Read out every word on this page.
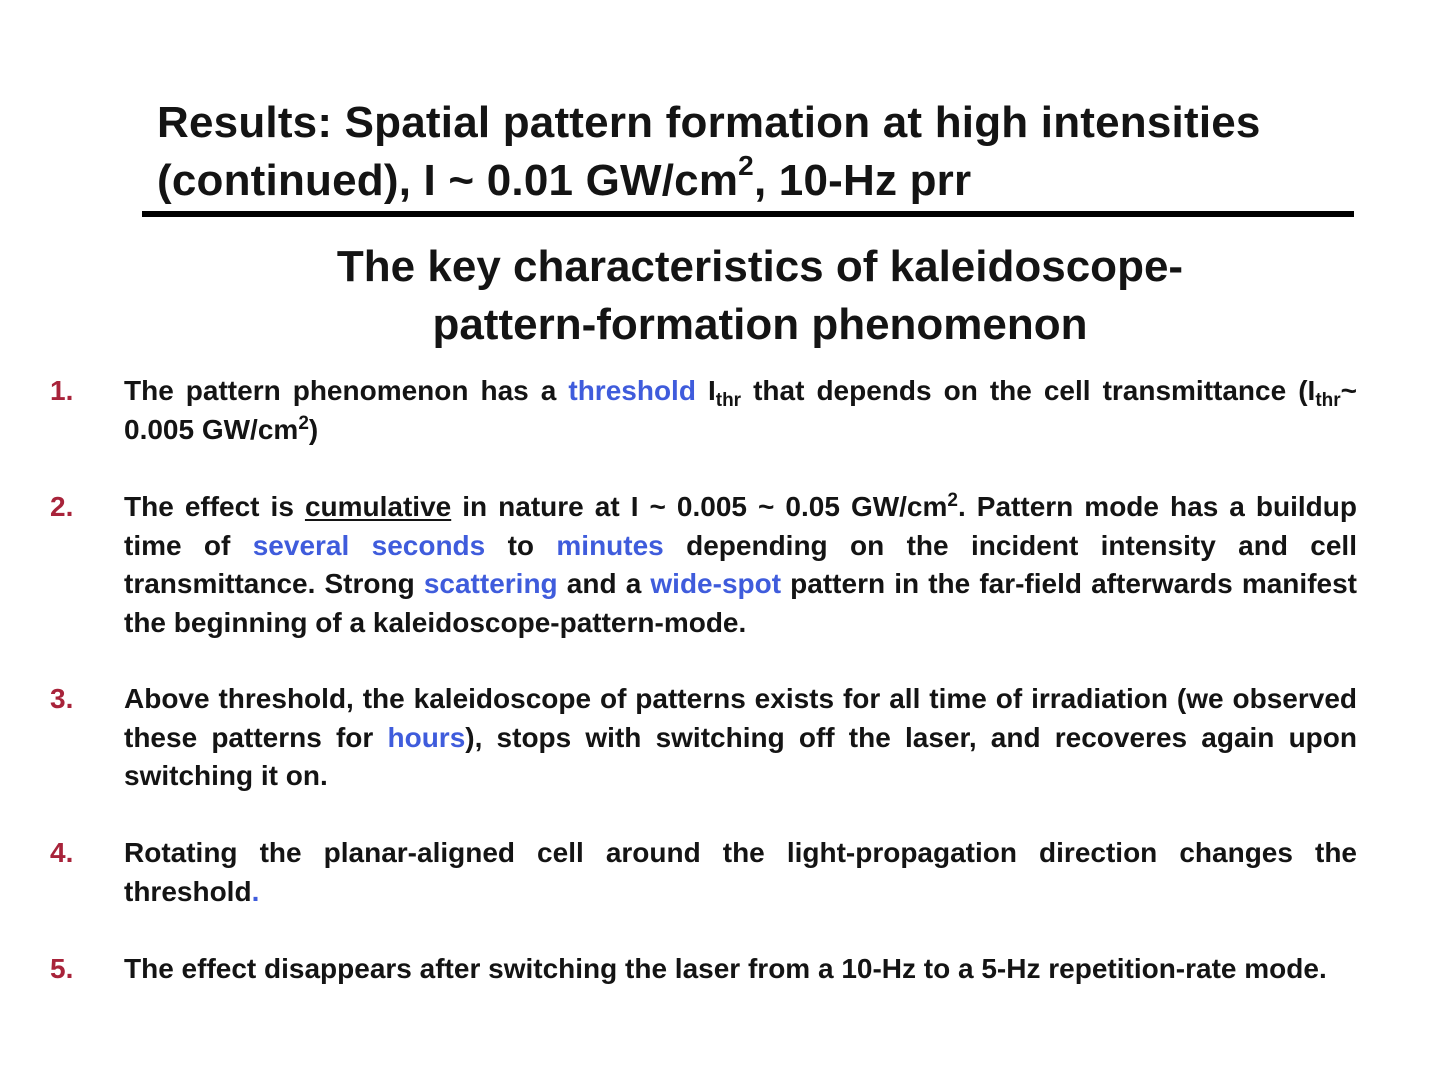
Results: Spatial pattern formation at high intensities
(continued), I ~ 0.01 $GW/cm^2$, 10-Hz prr
The key characteristics of kaleidoscope-
pattern-formation phenomenon
1.	The pattern phenomenon has a threshold $I_{thr}$ that depends on the cell transmittance ($I_{thr}\sim$ 0.005 $GW/cm^2$)
2.	The effect is cumulative in nature at I ~ 0.005 ~ 0.05 $GW/cm^2$. Pattern mode has a buildup time of several seconds to minutes depending on the incident intensity and cell transmittance. Strong scattering and a wide-spot pattern in the far-field afterwards manifest the beginning of a kaleidoscope-pattern-mode.
3.	Above threshold, the kaleidoscope of patterns exists for all time of irradiation (we observed these patterns for hours), stops with switching off the laser, and recoveres again upon switching it on.
4.	Rotating the planar-aligned cell around the light-propagation direction changes the threshold.
5.	The effect disappears after switching the laser from a 10-Hz to a 5-Hz repetition-rate mode.
